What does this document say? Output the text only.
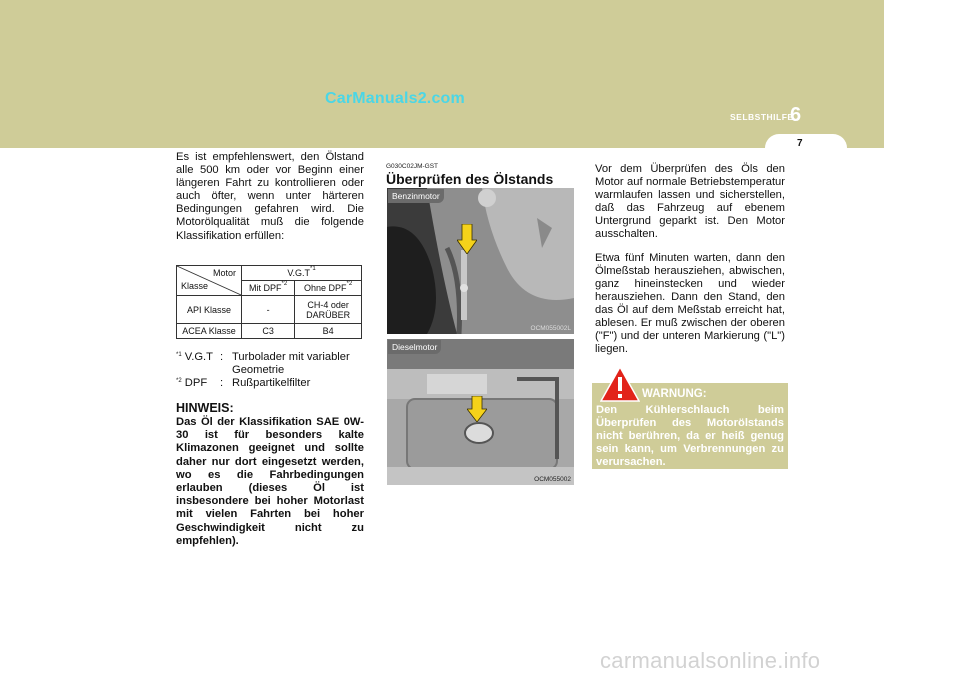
CarManuals2.com
SELBSTHILFE
6
7

Es ist empfehlenswert, den Ölstand alle 500 km oder vor Beginn einer längeren Fahrt zu kontrollieren oder auch öfter, wenn unter härteren Bedingungen gefahren wird. Die Motorölqualität muß die folgende Klassifikation erfüllen:

Motor
Klasse	$V.G.T^{*1}$
	Mit DPF$^{*2}$	Ohne DPF$^{*2}$
API Klasse	-	CH-4 oder
DARÜBER

ACEA Klasse	C3	B4
$^{*1}$ V.G.T : Turbolader mit variabler Geometrie
$^{*2}$ DPF	: Rußpartikelfilter

HINWEIS:

Das Öl der Klassifikation SAE 0W-30 ist für besonders kalte Klimazonen geeignet und sollte daher nur dort eingesetzt werden, wo es die Fahrbedingungen erlauben (dieses Öl ist insbesondere bei hoher Motorlast mit vielen Fahrten bei hoher Geschwindigkeit nicht zu empfehlen).

G030C02JM-GST

Überprüfen des Ölstands

Benzinmotor
OCM055002L
Dieselmotor
OCM055002

Vor dem Überprüfen des Öls den Motor auf normale Betriebstemperatur warmlaufen lassen und sicherstellen, daß das Fahrzeug auf ebenem Untergrund geparkt ist. Den Motor ausschalten.

Etwa fünf Minuten warten, dann den Ölmeßstab herausziehen, abwischen, ganz hineinstecken und wieder herausziehen. Dann den Stand, den das Öl auf dem Meßstab erreicht hat, ablesen. Er muß zwischen der oberen ("F") und der unteren Markierung ("L") liegen.

WARNUNG:

Den Kühlerschlauch beim Überprüfen des Motorölstands nicht berühren, da er heiß genug sein kann, um Verbrennungen zu verursachen.

carmanualsonline.info
